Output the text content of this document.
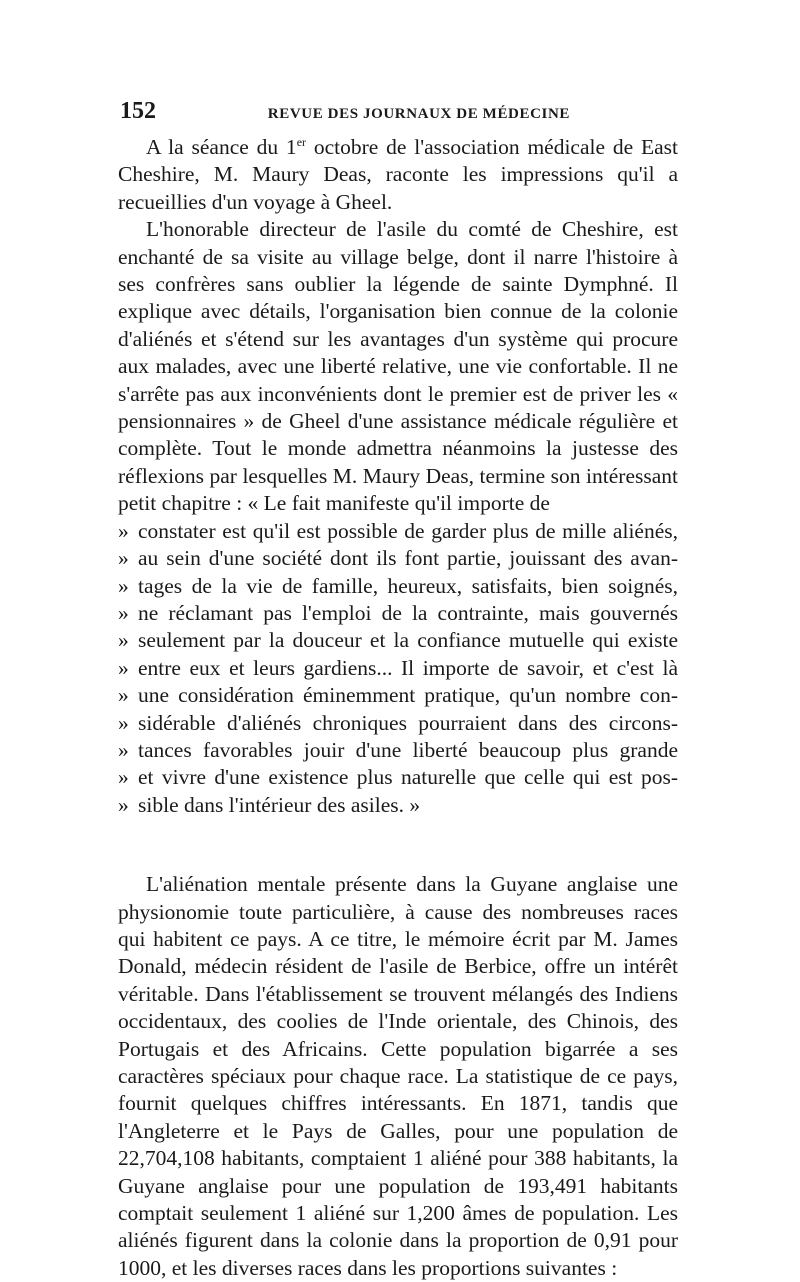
152	REVUE DES JOURNAUX DE MÉDECINE

A la séance du 1er octobre de l'association médicale de East Cheshire, M. Maury Deas, raconte les impressions qu'il a recueillies d'un voyage à Gheel.

L'honorable directeur de l'asile du comté de Cheshire, est enchanté de sa visite au village belge, dont il narre l'histoire à ses confrères sans oublier la légende de sainte Dymphné. Il explique avec détails, l'organisation bien connue de la colonie d'aliénés et s'étend sur les avantages d'un système qui procure aux malades, avec une liberté relative, une vie confortable. Il ne s'arrête pas aux inconvénients dont le premier est de priver les « pensionnaires » de Gheel d'une assistance médicale régulière et complète. Tout le monde admettra néanmoins la justesse des réflexions par lesquelles M. Maury Deas, termine son intéressant petit chapitre : « Le fait manifeste qu'il importe de

» constater est qu'il est possible de garder plus de mille aliénés,
» au sein d'une société dont ils font partie, jouissant des avan-
» tages de la vie de famille, heureux, satisfaits, bien soignés,
» ne réclamant pas l'emploi de la contrainte, mais gouvernés
» seulement par la douceur et la confiance mutuelle qui existe
» entre eux et leurs gardiens... Il importe de savoir, et c'est là
» une considération éminemment pratique, qu'un nombre con-
» sidérable d'aliénés chroniques pourraient dans des circons-
» tances favorables jouir d'une liberté beaucoup plus grande
» et vivre d'une existence plus naturelle que celle qui est pos-
» sible dans l'intérieur des asiles. »

L'aliénation mentale présente dans la Guyane anglaise une physionomie toute particulière, à cause des nombreuses races qui habitent ce pays. A ce titre, le mémoire écrit par M. James Donald, médecin résident de l'asile de Berbice, offre un intérêt véritable. Dans l'établissement se trouvent mélangés des Indiens occidentaux, des coolies de l'Inde orientale, des Chinois, des Portugais et des Africains. Cette population bigarrée a ses caractères spéciaux pour chaque race. La statistique de ce pays, fournit quelques chiffres intéressants. En 1871, tandis que l'Angleterre et le Pays de Galles, pour une population de 22,704,108 habitants, comptaient 1 aliéné pour 388 habitants, la Guyane anglaise pour une population de 193,491 habitants comptait seulement 1 aliéné sur 1,200 âmes de population. Les aliénés figurent dans la colonie dans la proportion de 0,91 pour 1000, et les diverses races dans les proportions suivantes :
